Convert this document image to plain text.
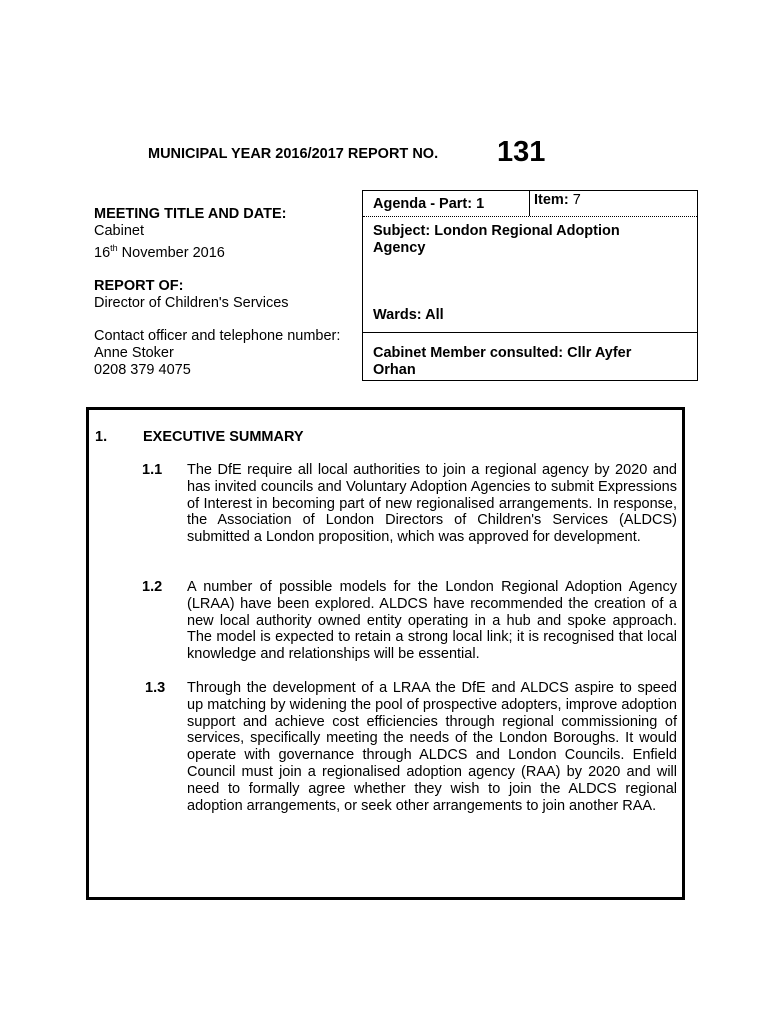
MUNICIPAL YEAR 2016/2017 REPORT NO. 131
MEETING TITLE AND DATE:
Cabinet
16th November 2016
REPORT OF:
Director of Children's Services
Contact officer and telephone number:
Anne Stoker
0208 379 4075
Agenda - Part: 1	Item: 7
Subject: London Regional Adoption
Agency
Wards: All
Cabinet Member consulted: Cllr Ayfer
Orhan
1. EXECUTIVE SUMMARY
1.1 The DfE require all local authorities to join a regional agency by 2020 and has invited councils and Voluntary Adoption Agencies to submit Expressions of Interest in becoming part of new regionalised arrangements. In response, the Association of London Directors of Children's Services (ALDCS) submitted a London proposition, which was approved for development.
1.2 A number of possible models for the London Regional Adoption Agency (LRAA) have been explored. ALDCS have recommended the creation of a new local authority owned entity operating in a hub and spoke approach. The model is expected to retain a strong local link; it is recognised that local knowledge and relationships will be essential.
1.3 Through the development of a LRAA the DfE and ALDCS aspire to speed up matching by widening the pool of prospective adopters, improve adoption support and achieve cost efficiencies through regional commissioning of services, specifically meeting the needs of the London Boroughs. It would operate with governance through ALDCS and London Councils. Enfield Council must join a regionalised adoption agency (RAA) by 2020 and will need to formally agree whether they wish to join the ALDCS regional adoption arrangements, or seek other arrangements to join another RAA.
